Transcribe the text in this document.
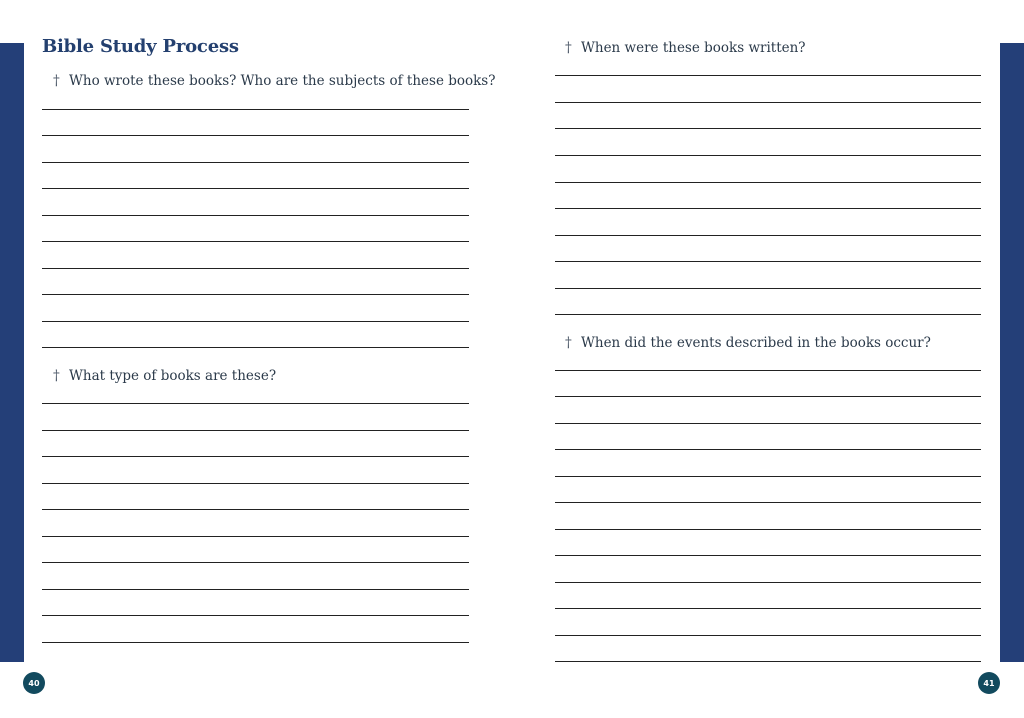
Bible Study Process
† Who wrote these books? Who are the subjects of these books?
† What type of books are these?
† When were these books written?
† When did the events described in the books occur?
40	41
